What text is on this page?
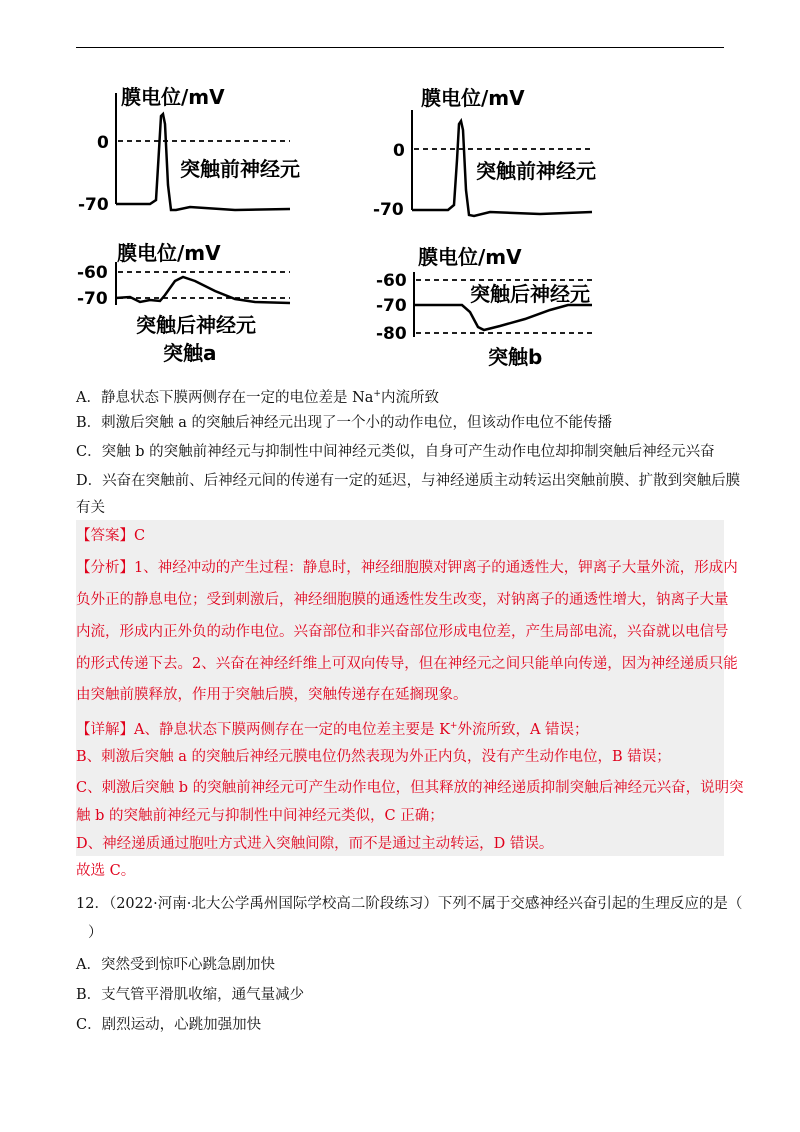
膜电位/mV
0
-70
突触前神经元
膜电位/mV
0
-70
突触前神经元
膜电位/mV
-60
-70
突触后神经元
突触a
膜电位/mV
-60
-70
-80
突触后神经元
突触b
A．静息状态下膜两侧存在一定的电位差是 Na+内流所致
B．刺激后突触 a 的突触后神经元出现了一个小的动作电位，但该动作电位不能传播
C．突触 b 的突触前神经元与抑制性中间神经元类似，自身可产生动作电位却抑制突触后神经元兴奋
D．兴奋在突触前、后神经元间的传递有一定的延迟，与神经递质主动转运出突触前膜、扩散到突触后膜
有关
【答案】C
【分析】1、神经冲动的产生过程：静息时，神经细胞膜对钾离子的通透性大，钾离子大量外流，形成内
负外正的静息电位；受到刺激后，神经细胞膜的通透性发生改变，对钠离子的通透性增大，钠离子大量
内流，形成内正外负的动作电位。兴奋部位和非兴奋部位形成电位差，产生局部电流，兴奋就以电信号
的形式传递下去。2、兴奋在神经纤维上可双向传导，但在神经元之间只能单向传递，因为神经递质只能
由突触前膜释放，作用于突触后膜，突触传递存在延搁现象。
【详解】A、静息状态下膜两侧存在一定的电位差主要是 K+外流所致，A 错误；
B、刺激后突触 a 的突触后神经元膜电位仍然表现为外正内负，没有产生动作电位，B 错误；
C、刺激后突触 b 的突触前神经元可产生动作电位，但其释放的神经递质抑制突触后神经元兴奋，说明突
触 b 的突触前神经元与抑制性中间神经元类似，C 正确；
D、神经递质通过胞吐方式进入突触间隙，而不是通过主动转运，D 错误。
故选 C。
12．（2022·河南·北大公学禹州国际学校高二阶段练习）下列不属于交感神经兴奋引起的生理反应的是（
）
A．突然受到惊吓心跳急剧加快
B．支气管平滑肌收缩，通气量减少
C．剧烈运动，心跳加强加快
